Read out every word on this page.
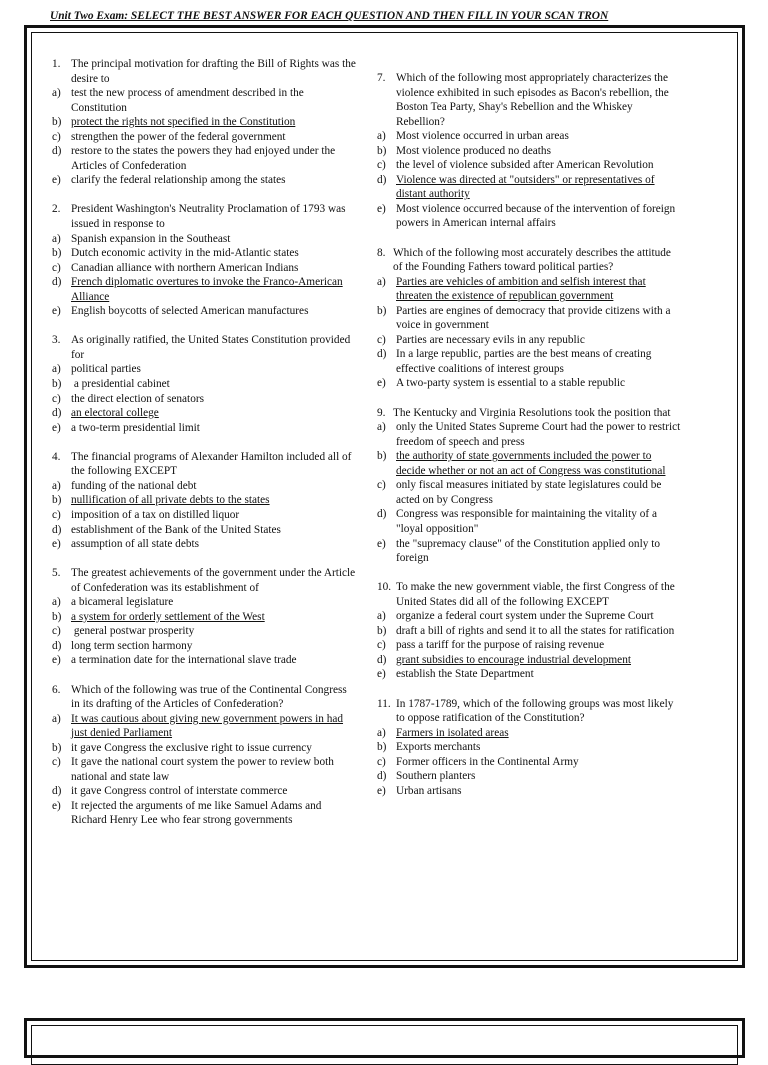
Unit Two Exam: SELECT THE BEST ANSWER FOR EACH QUESTION AND THEN FILL IN YOUR SCAN TRON
1. The principal motivation for drafting the Bill of Rights was the desire to
a) test the new process of amendment described in the Constitution
b) protect the rights not specified in the Constitution
c) strengthen the power of the federal government
d) restore to the states the powers they had enjoyed under the Articles of Confederation
e) clarify the federal relationship among the states
2. President Washington's Neutrality Proclamation of 1793 was issued in response to
a) Spanish expansion in the Southeast
b) Dutch economic activity in the mid-Atlantic states
c) Canadian alliance with northern American Indians
d) French diplomatic overtures to invoke the Franco-American Alliance
e) English boycotts of selected American manufactures
3. As originally ratified, the United States Constitution provided for
a) political parties
b) a presidential cabinet
c) the direct election of senators
d) an electoral college
e) a two-term presidential limit
4. The financial programs of Alexander Hamilton included all of the following EXCEPT
a) funding of the national debt
b) nullification of all private debts to the states
c) imposition of a tax on distilled liquor
d) establishment of the Bank of the United States
e) assumption of all state debts
5. The greatest achievements of the government under the Article of Confederation was its establishment of
a) a bicameral legislature
b) a system for orderly settlement of the West
c) general postwar prosperity
d) long term section harmony
e) a termination date for the international slave trade
6. Which of the following was true of the Continental Congress in its drafting of the Articles of Confederation?
a) It was cautious about giving new government powers in had just denied Parliament
b) it gave Congress the exclusive right to issue currency
c) It gave the national court system the power to review both national and state law
d) it gave Congress control of interstate commerce
e) It rejected the arguments of me like Samuel Adams and Richard Henry Lee who fear strong governments
7. Which of the following most appropriately characterizes the violence exhibited in such episodes as Bacon's rebellion, the Boston Tea Party, Shay's Rebellion and the Whiskey Rebellion?
a) Most violence occurred in urban areas
b) Most violence produced no deaths
c) the level of violence subsided after American Revolution
d) Violence was directed at "outsiders" or representatives of distant authority
e) Most violence occurred because of the intervention of foreign powers in American internal affairs
8. Which of the following most accurately describes the attitude of the Founding Fathers toward political parties?
a) Parties are vehicles of ambition and selfish interest that threaten the existence of republican government
b) Parties are engines of democracy that provide citizens with a voice in government
c) Parties are necessary evils in any republic
d) In a large republic, parties are the best means of creating effective coalitions of interest groups
e) A two-party system is essential to a stable republic
9. The Kentucky and Virginia Resolutions took the position that
a) only the United States Supreme Court had the power to restrict freedom of speech and press
b) the authority of state governments included the power to decide whether or not an act of Congress was constitutional
c) only fiscal measures initiated by state legislatures could be acted on by Congress
d) Congress was responsible for maintaining the vitality of a "loyal opposition"
e) the "supremacy clause" of the Constitution applied only to foreign
10. To make the new government viable, the first Congress of the United States did all of the following EXCEPT
a) organize a federal court system under the Supreme Court
b) draft a bill of rights and send it to all the states for ratification
c) pass a tariff for the purpose of raising revenue
d) grant subsidies to encourage industrial development
e) establish the State Department
11. In 1787-1789, which of the following groups was most likely to oppose ratification of the Constitution?
a) Farmers in isolated areas
b) Exports merchants
c) Former officers in the Continental Army
d) Southern planters
e) Urban artisans
